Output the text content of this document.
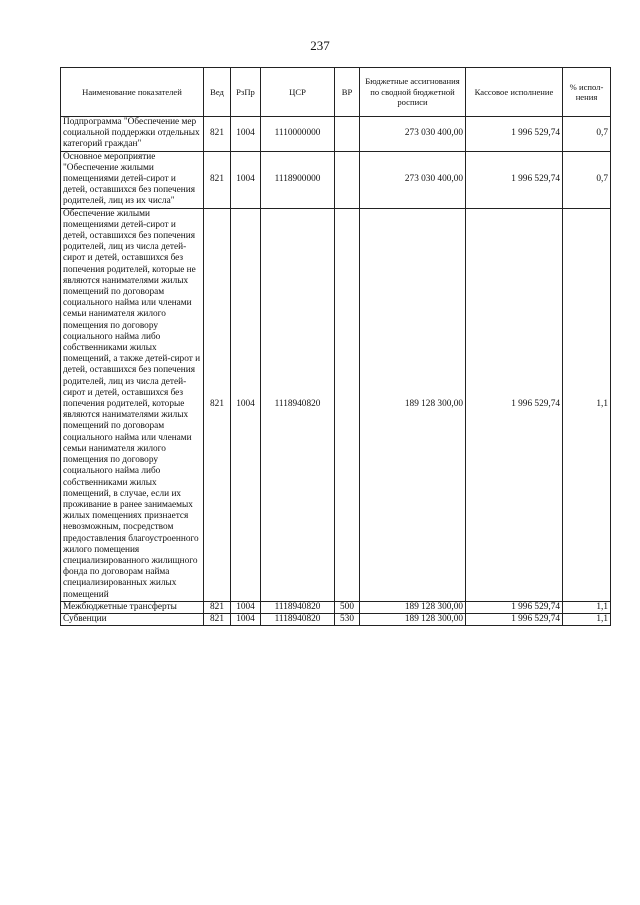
237
Наименование показателей	Вед	РзПр	ЦСР	ВР	Бюджетные ассигнования по сводной бюджетной росписи	Кассовое исполнение	% испол-нения
Подпрограмма "Обеспечение мер социальной поддержки отдельных категорий граждан"	821	1004	1110000000		273 030 400,00	1 996 529,74	0,7
Основное мероприятие "Обеспечение жилыми помещениями детей-сирот и детей, оставшихся без попечения родителей, лиц из их числа"	821	1004	1118900000		273 030 400,00	1 996 529,74	0,7
Обеспечение жилыми помещениями детей-сирот и детей, оставшихся без попечения родителей, лиц из числа детей-сирот и детей, оставшихся без попечения родителей, которые не являются нанимателями жилых помещений по договорам социального найма или членами семьи нанимателя жилого помещения по договору социального найма либо собственниками жилых помещений, а также детей-сирот и детей, оставшихся без попечения родителей, лиц из числа детей-сирот и детей, оставшихся без попечения родителей, которые являются нанимателями жилых помещений по договорам социального найма или членами семьи нанимателя жилого помещения по договору социального найма либо собственниками жилых помещений, в случае, если их проживание в ранее занимаемых жилых помещениях признается невозможным, посредством предоставления благоустроенного жилого помещения специализированного жилищного фонда по договорам найма специализированных жилых помещений	821	1004	1118940820		189 128 300,00	1 996 529,74	1,1
Межбюджетные трансферты	821	1004	1118940820	500	189 128 300,00	1 996 529,74	1,1
Субвенции	821	1004	1118940820	530	189 128 300,00	1 996 529,74	1,1
